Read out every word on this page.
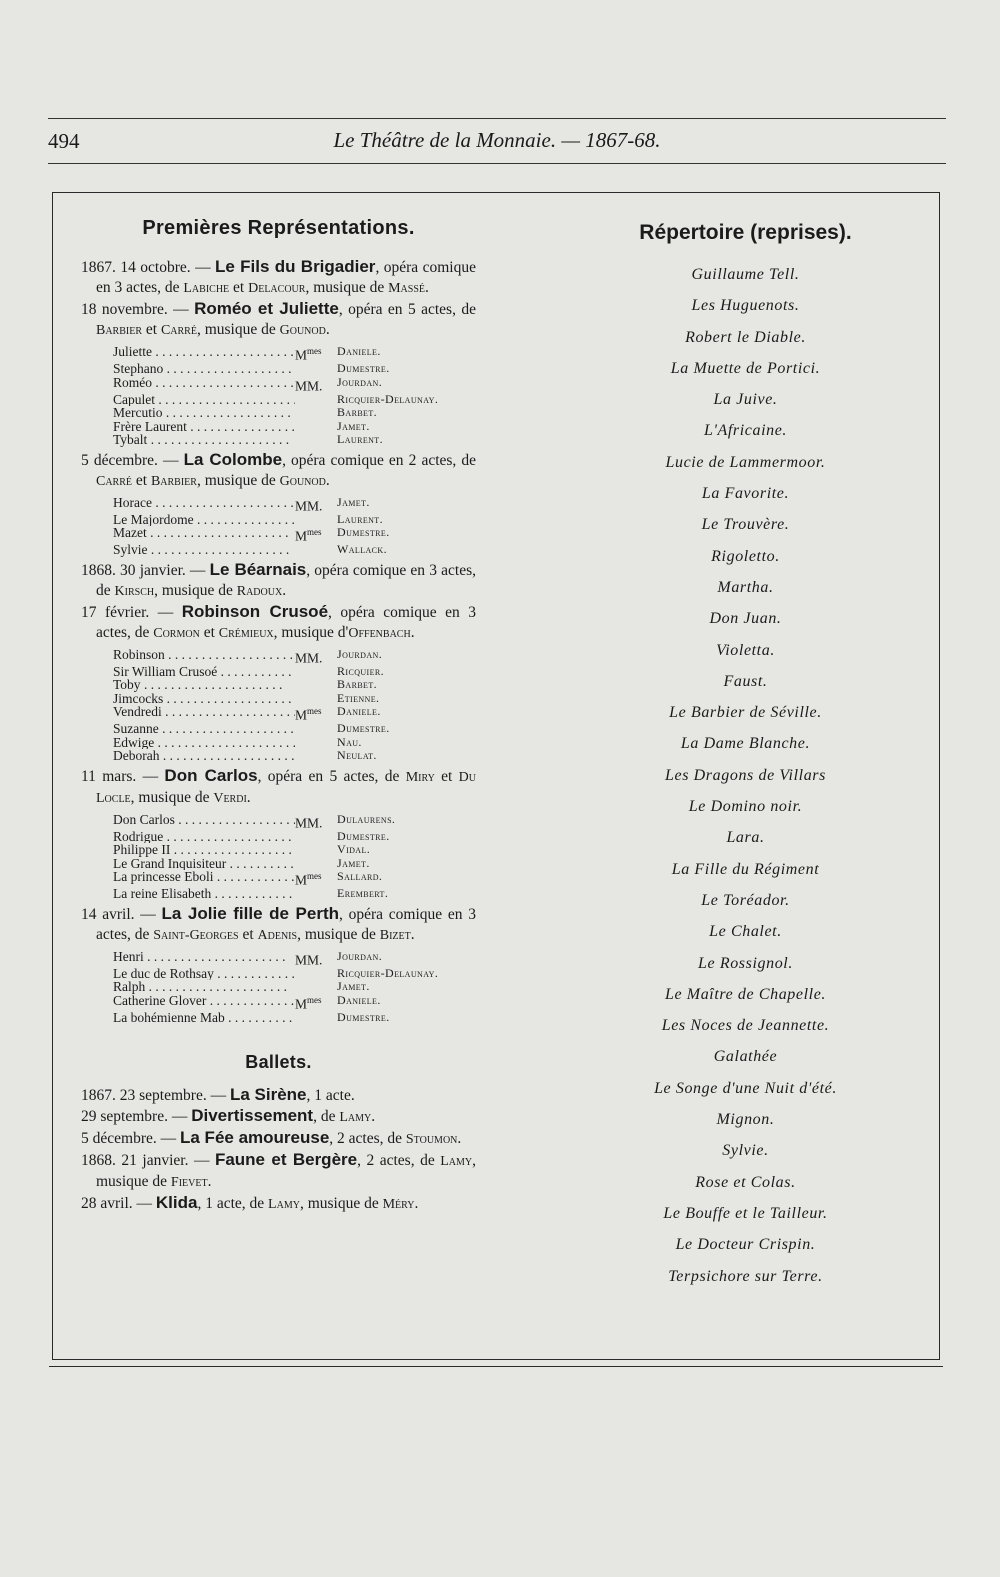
494	Le Théâtre de la Monnaie. — 1867-68.
Premières Représentations.

1867. 14 octobre. — Le Fils du Brigadier, opéra comique en 3 actes, de Labiche et Delacour, musique de Massé.

18 novembre. — Roméo et Juliette, opéra en 5 actes, de Barbier et Carré, musique de Gounod.

Juliette . . .	$M^{mes}$	Daniele.
Stephano . . .	Dumestre.
Roméo . . .	MM.	Jourdan.
Capulet . . .	Ricquier-Delaunay.
Mercutio . . .	Barbet.
Frère Laurent . . .	Jamet.
Tybalt . . .	Laurent.

5 décembre. — La Colombe, opéra comique en 2 actes, de Carré et Barbier, musique de Gounod.

Horace . . .	MM.	Jamet.
Le Majordome . . .	Laurent.
Mazet . . .	$M^{mes}$	Dumestre.
Sylvie . . .	Wallack.

1868. 30 janvier. — Le Béarnais, opéra comique en 3 actes, de Kirsch, musique de Radoux.

17 février. — Robinson Crusoé, opéra comique en 3 actes, de Cormon et Crémieux, musique d'Offenbach.

Robinson . . .	MM.	Jourdan.
Sir William Crusoé . . .	Ricquier.
Toby . . .	Barbet.
Jimcocks . . .	Etienne.
Vendredi . . .	$M^{mes}$	Daniele.
Suzanne . . .	Dumestre.
Edwige . . .	Nau.
Deborah . . .	Neulat.

11 mars. — Don Carlos, opéra en 5 actes, de Miry et Du Locle, musique de Verdi.

Don Carlos . . .	MM.	Dulaurens.
Rodrigue . . .	Dumestre.
Philippe II . . .	Vidal.
Le Grand Inquisiteur . . .	Jamet.
La princesse Eboli . . .	$M^{mes}$	Sallard.
La reine Elisabeth . . .	Erembert.

14 avril. — La Jolie fille de Perth, opéra comique en 3 actes, de Saint-Georges et Adenis, musique de Bizet.

Henri . . .	MM.	Jourdan.
Le duc de Rothsay . . .	Ricquier-Delaunay.
Ralph . . .	Jamet.
Catherine Glover . . .	$M^{mes}$	Daniele.
La bohémienne Mab . . .	Dumestre.
Ballets.

1867. 23 septembre. — La Sirène, 1 acte.

29 septembre. — Divertissement, de Lamy.

5 décembre. — La Fée amoureuse, 2 actes, de Stoumon.

1868. 21 janvier. — Faune et Bergère, 2 actes, de Lamy, musique de Fievet.

28 avril. — Klida, 1 acte, de Lamy, musique de Méry.

Répertoire (reprises).
Guillaume Tell.
Les Huguenots.
Robert le Diable.
La Muette de Portici.
La Juive.
L'Africaine.
Lucie de Lammermoor.
La Favorite.
Le Trouvère.
Rigoletto.
Martha.
Don Juan.
Violetta.
Faust.
Le Barbier de Séville.
La Dame Blanche.
Les Dragons de Villars
Le Domino noir.
Lara.
La Fille du Régiment
Le Toréador.
Le Chalet.
Le Rossignol.
Le Maître de Chapelle.
Les Noces de Jeannette.
Galathée
Le Songe d'une Nuit d'été.
Mignon.
Sylvie.
Rose et Colas.
Le Bouffe et le Tailleur.
Le Docteur Crispin.
Terpsichore sur Terre.
